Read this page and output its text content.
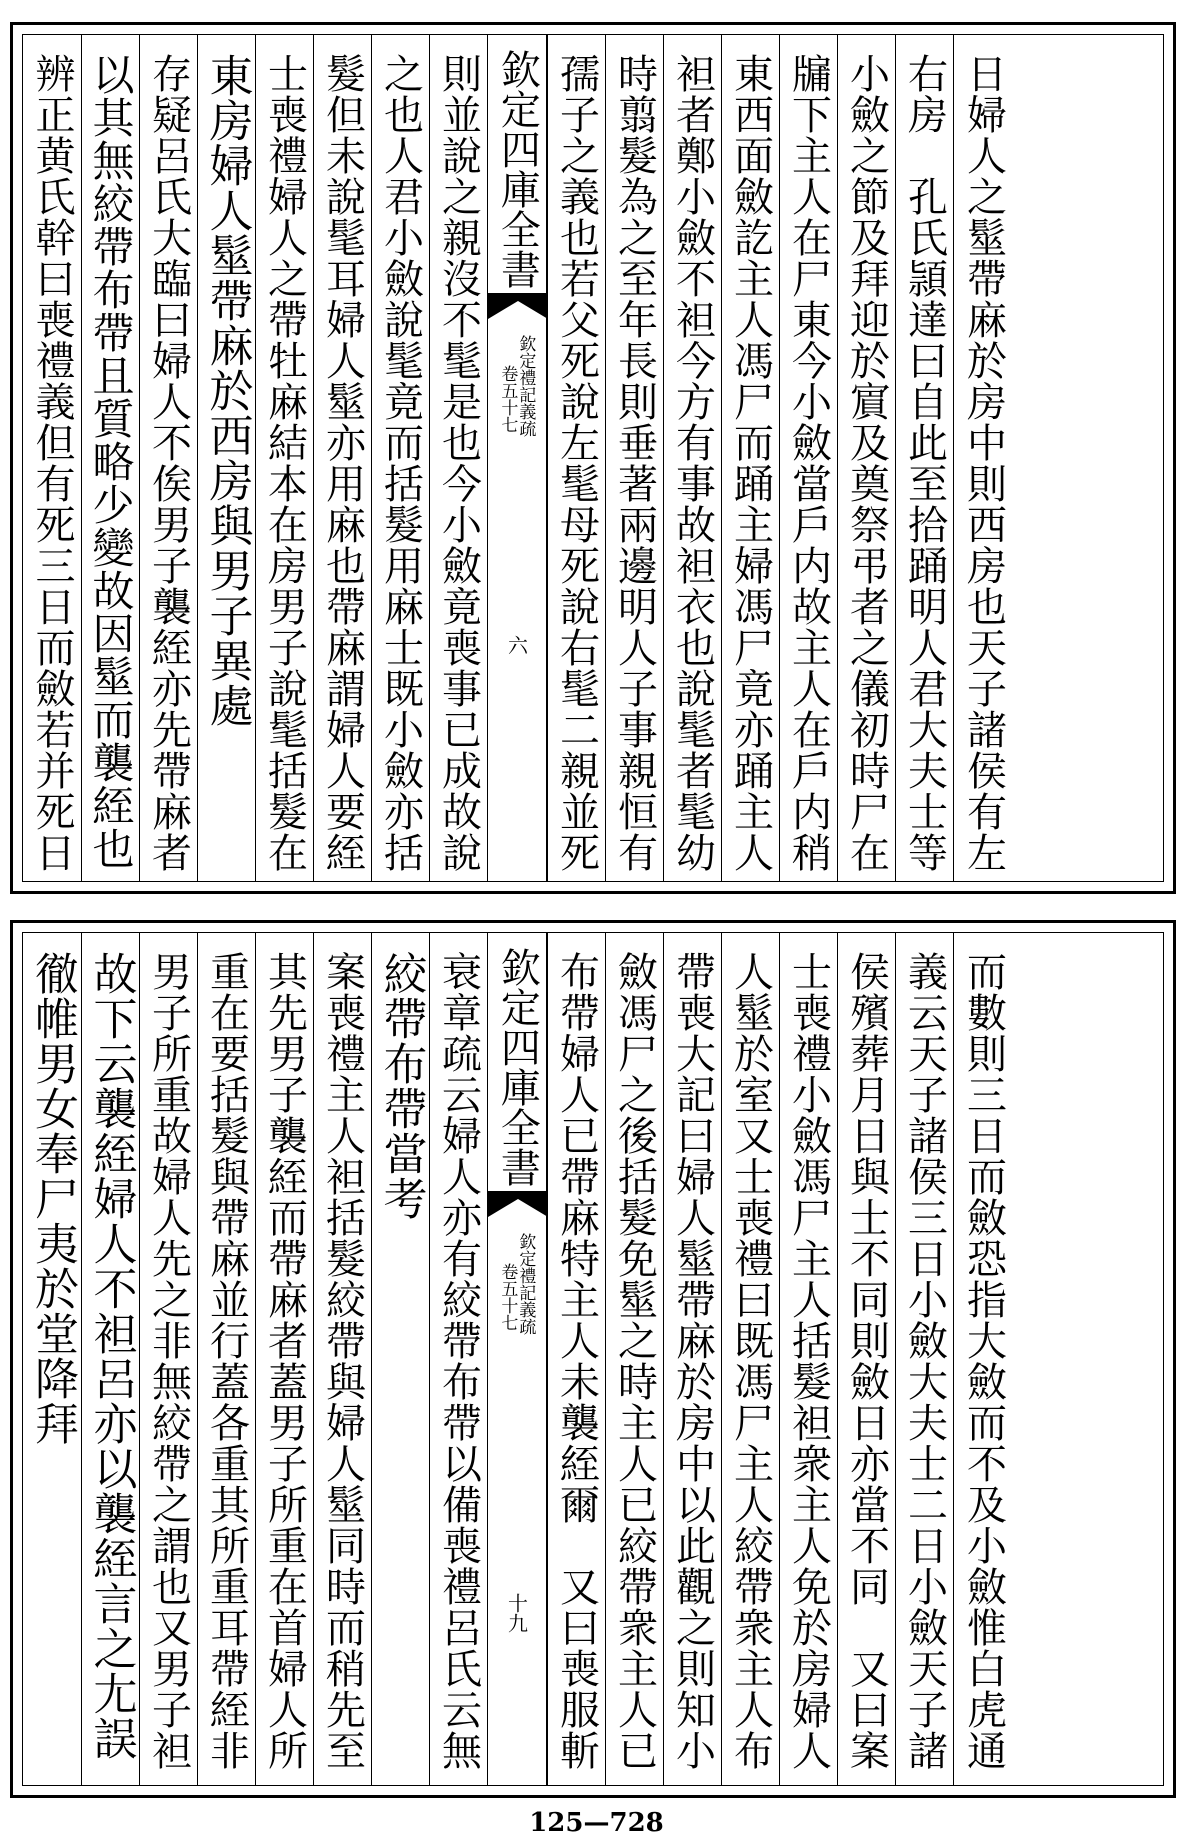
辨正黄氏幹曰喪禮義但有死三日而斂若并死日 以其無絞帶布帶且質略少變故因髽而襲絰也 存疑呂氏大臨曰婦人不俟男子襲絰亦先帶麻者 東房婦人髽帶麻於西房與男子異處 士喪禮婦人之帶牡麻結本在房男子說髦括髮在 髮但未說髦耳婦人髽亦用麻也帶麻謂婦人要絰 之也人君小斂說髦竟而括髮用麻士既小斂亦括 則並說之親沒不髦是也今小斂竟喪事已成故說 欽定四庫全書
欽定禮記義疏
卷五十七
六 孺子之義也若父死說左髦母死說右髦二親並死 時翦髮為之至年長則垂著兩邊明人子事親恒有 袒者鄭小斂不袒今方有事故袒衣也說髦者髦幼 東西面斂訖主人馮尸而踊主婦馮尸竟亦踊主人 牖下主人在尸東今小斂當戶内故主人在戶内稍 小斂之節及拜迎於賔及奠祭弔者之儀初時尸在 右房　孔氏頴達曰自此至拾踊明人君大夫士等 日婦人之髽帶麻於房中則西房也天子諸侯有左
徹帷男女奉尸夷於堂降拜 故下云襲絰婦人不袒呂亦以襲絰言之尢誤 男子所重故婦人先之非無絞帶之謂也又男子袒 重在要括髮與帶麻並行蓋各重其所重耳帶絰非 其先男子襲絰而帶麻者蓋男子所重在首婦人所 案喪禮主人袒括髮絞帶與婦人髽同時而稍先至 絞帶布帶當考 衰章疏云婦人亦有絞帶布帶以備喪禮呂氏云無 欽定四庫全書
欽定禮記義疏
卷五十七
十九 布帶婦人已帶麻特主人未襲絰爾　又曰喪服斬 斂馮尸之後括髮免髽之時主人已絞帶衆主人已 帶喪大記曰婦人髽帶麻於房中以此觀之則知小 人髽於室又士喪禮曰既馮尸主人絞帶衆主人布 士喪禮小斂馮尸主人括髮袒衆主人免於房婦人 侯殯葬月日與士不同則斂日亦當不同　又曰案 義云天子諸侯三日小斂大夫士二日小斂天子諸 而數則三日而斂恐指大斂而不及小斂惟白虎通
125—728
